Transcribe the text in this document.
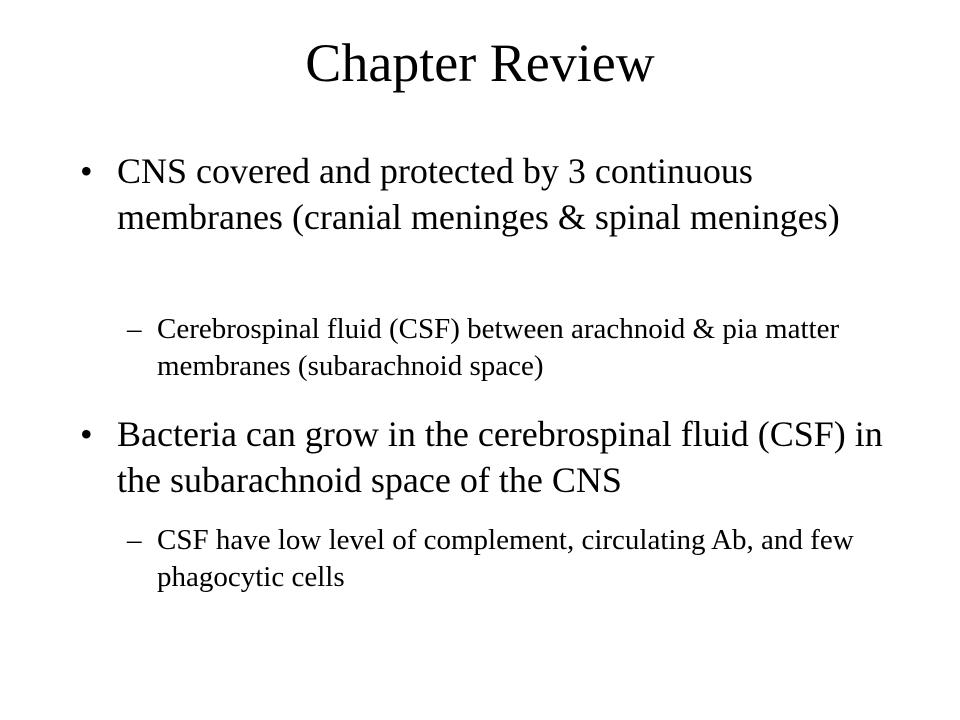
Chapter Review
• CNS covered and protected by 3 continuous membranes (cranial meninges & spinal meninges)
– Cerebrospinal fluid (CSF) between arachnoid & pia matter membranes (subarachnoid space)
• Bacteria can grow in the cerebrospinal fluid (CSF) in the subarachnoid space of the CNS
– CSF have low level of complement, circulating Ab, and few phagocytic cells
